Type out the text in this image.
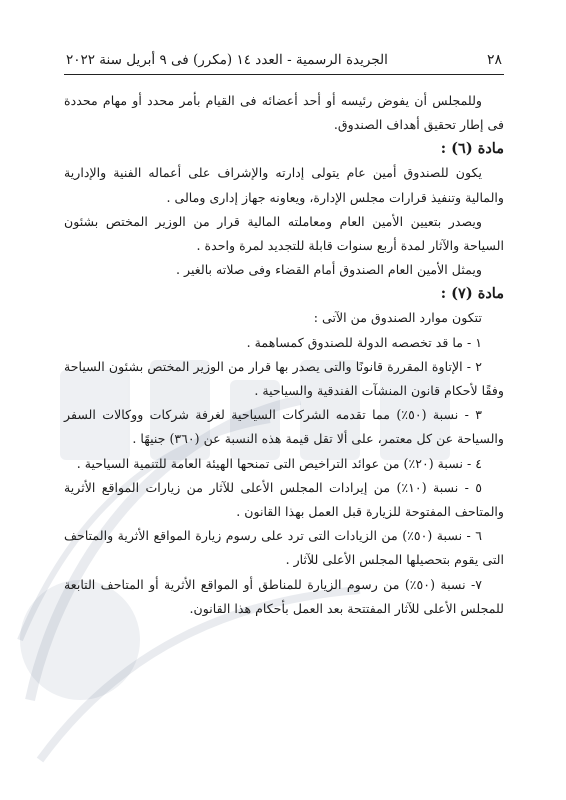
٢٨
الجريدة الرسمية - العدد ١٤ (مكرر) فى ٩ أبريل سنة ٢٠٢٢

وللمجلس أن يفوض رئيسه أو أحد أعضائه فى القيام بأمر محدد أو مهام محددة فى إطار تحقيق أهداف الصندوق.

مادة (٦) :

يكون للصندوق أمين عام يتولى إدارته والإشراف على أعماله الفنية والإدارية والمالية وتنفيذ قرارات مجلس الإدارة، ويعاونه جهاز إدارى ومالى .

ويصدر بتعيين الأمين العام ومعاملته المالية قرار من الوزير المختص بشئون السياحة والآثار لمدة أربع سنوات قابلة للتجديد لمرة واحدة .

ويمثل الأمين العام الصندوق أمام القضاء وفى صلاته بالغير .

مادة (٧) :

تتكون موارد الصندوق من الآتى :

١ - ما قد تخصصه الدولة للصندوق كمساهمة .

٢ - الإتاوة المقررة قانونًا والتى يصدر بها قرار من الوزير المختص بشئون السياحة وفقًا لأحكام قانون المنشآت الفندقية والسياحية .

٣ - نسبة (٥٠٪) مما تقدمه الشركات السياحية لغرفة شركات ووكالات السفر والسياحة عن كل معتمر، على ألا تقل قيمة هذه النسبة عن (٣٦٠) جنيهًا .

٤ - نسبة (٢٠٪) من عوائد التراخيص التى تمنحها الهيئة العامة للتنمية السياحية .

٥ - نسبة (١٠٪) من إيرادات المجلس الأعلى للآثار من زيارات المواقع الأثرية والمتاحف المفتوحة للزيارة قبل العمل بهذا القانون .

٦ - نسبة (٥٠٪) من الزيادات التى ترد على رسوم زيارة المواقع الأثرية والمتاحف التى يقوم بتحصيلها المجلس الأعلى للآثار .

٧- نسبة (٥٠٪) من رسوم الزيارة للمناطق أو المواقع الأثرية أو المتاحف التابعة للمجلس الأعلى للآثار المفتتحة بعد العمل بأحكام هذا القانون.
